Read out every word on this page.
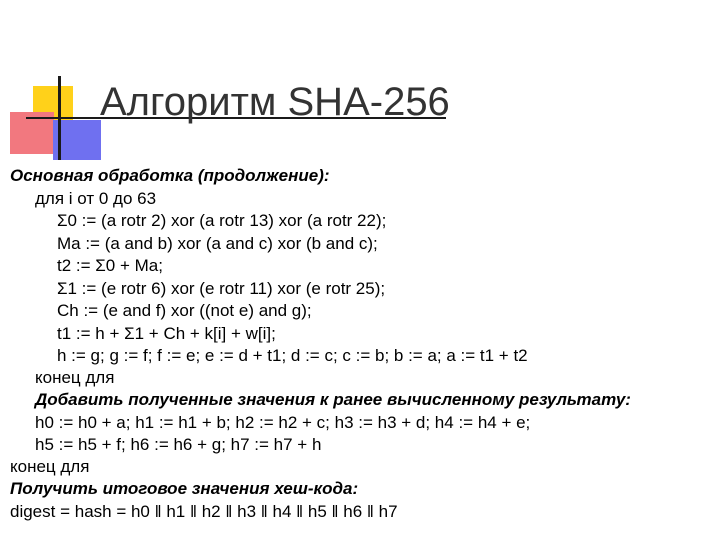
Алгоритм SHA-256
Основная обработка (продолжение):
для i от 0 до 63
Σ0 := (a rotr 2) xor (a rotr 13) xor (a rotr 22);
Ma := (a and b) xor (a and c) xor (b and c);
t2 := Σ0 + Ma;
Σ1 := (e rotr 6) xor (e rotr 11) xor (e rotr 25);
Ch := (e and f) xor ((not e) and g);
t1 := h + Σ1 + Ch + k[i] + w[i];
h := g; g := f; f := e; e := d + t1; d := c; c := b; b := a; a := t1 + t2
конец для
Добавить полученные значения к ранее вычисленному результату:
h0 := h0 + a; h1 := h1 + b; h2 := h2 + c; h3 := h3 + d; h4 := h4 + e;
h5 := h5 + f; h6 := h6 + g; h7 := h7 + h
конец для
Получить итоговое значения хеш-кода:
digest = hash = h0 ǁ h1 ǁ h2 ǁ h3 ǁ h4 ǁ h5 ǁ h6 ǁ h7
